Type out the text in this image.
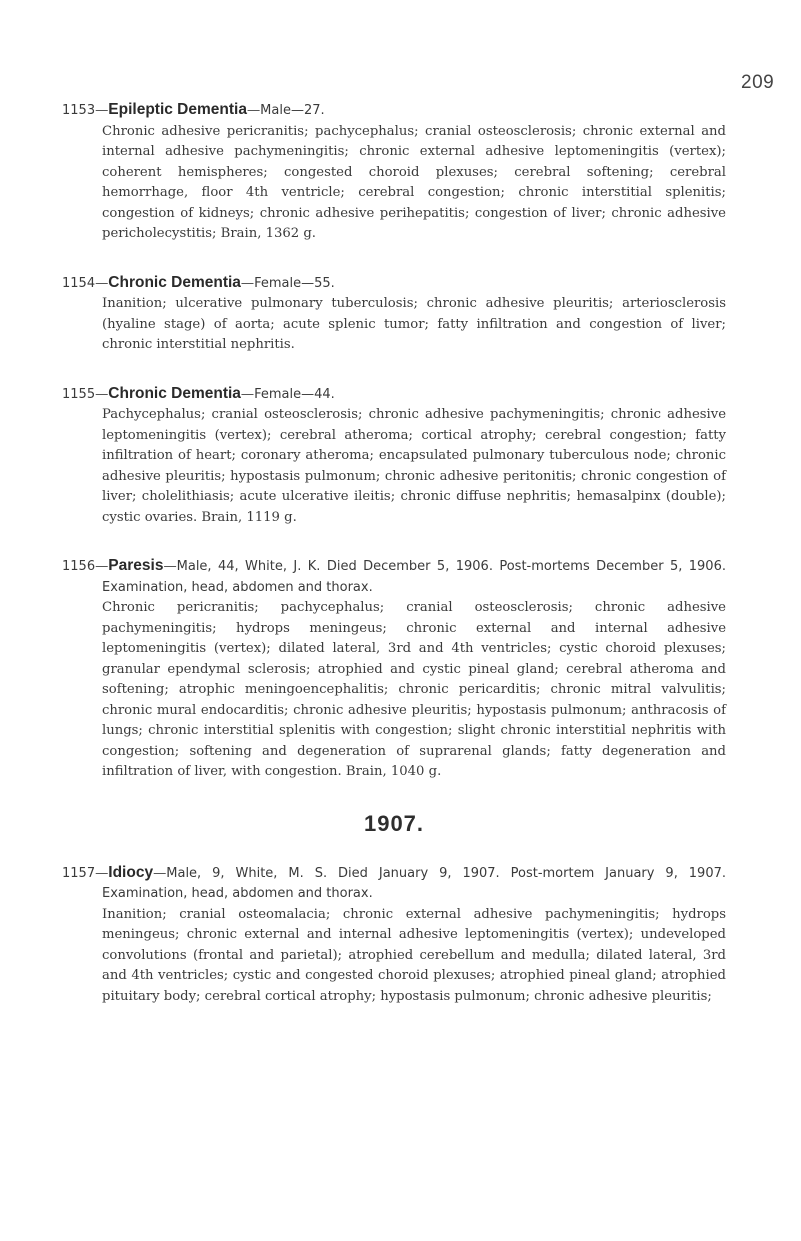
209

1153—Epileptic Dementia—Male—27.

Chronic adhesive pericranitis; pachycephalus; cranial osteosclerosis; chronic external and internal adhesive pachymeningitis; chronic external adhesive leptomeningitis (vertex); coherent hemispheres; congested choroid plexuses; cerebral softening; cerebral hemorrhage, floor 4th ventricle; cerebral congestion; chronic interstitial splenitis; congestion of kidneys; chronic adhesive perihepatitis; congestion of liver; chronic adhesive pericholecystitis; Brain, 1362 g.

1154—Chronic Dementia—Female—55.

Inanition; ulcerative pulmonary tuberculosis; chronic adhesive pleuritis; arteriosclerosis (hyaline stage) of aorta; acute splenic tumor; fatty infiltration and congestion of liver; chronic interstitial nephritis.

1155—Chronic Dementia—Female—44.

Pachycephalus; cranial osteosclerosis; chronic adhesive pachymeningitis; chronic adhesive leptomeningitis (vertex); cerebral atheroma; cortical atrophy; cerebral congestion; fatty infiltration of heart; coronary atheroma; encapsulated pulmonary tuberculous node; chronic adhesive pleuritis; hypostasis pulmonum; chronic adhesive peritonitis; chronic congestion of liver; cholelithiasis; acute ulcerative ileitis; chronic diffuse nephritis; hemasalpinx (double); cystic ovaries. Brain, 1119 g.

1156—Paresis—Male, 44, White, J. K. Died December 5, 1906. Post-mortems December 5, 1906. Examination, head, abdomen and thorax.

Chronic pericranitis; pachycephalus; cranial osteosclerosis; chronic adhesive pachymeningitis; hydrops meningeus; chronic external and internal adhesive leptomeningitis (vertex); dilated lateral, 3rd and 4th ventricles; cystic choroid plexuses; granular ependymal sclerosis; atrophied and cystic pineal gland; cerebral atheroma and softening; atrophic meningoencephalitis; chronic pericarditis; chronic mitral valvulitis; chronic mural endocarditis; chronic adhesive pleuritis; hypostasis pulmonum; anthracosis of lungs; chronic interstitial splenitis with congestion; slight chronic interstitial nephritis with congestion; softening and degeneration of suprarenal glands; fatty degeneration and infiltration of liver, with congestion. Brain, 1040 g.

1907.

1157—Idiocy—Male, 9, White, M. S. Died January 9, 1907. Post-mortem January 9, 1907. Examination, head, abdomen and thorax.

Inanition; cranial osteomalacia; chronic external adhesive pachymeningitis; hydrops meningeus; chronic external and internal adhesive leptomeningitis (vertex); undeveloped convolutions (frontal and parietal); atrophied cerebellum and medulla; dilated lateral, 3rd and 4th ventricles; cystic and congested choroid plexuses; atrophied pineal gland; atrophied pituitary body; cerebral cortical atrophy; hypostasis pulmonum; chronic adhesive pleuritis;
